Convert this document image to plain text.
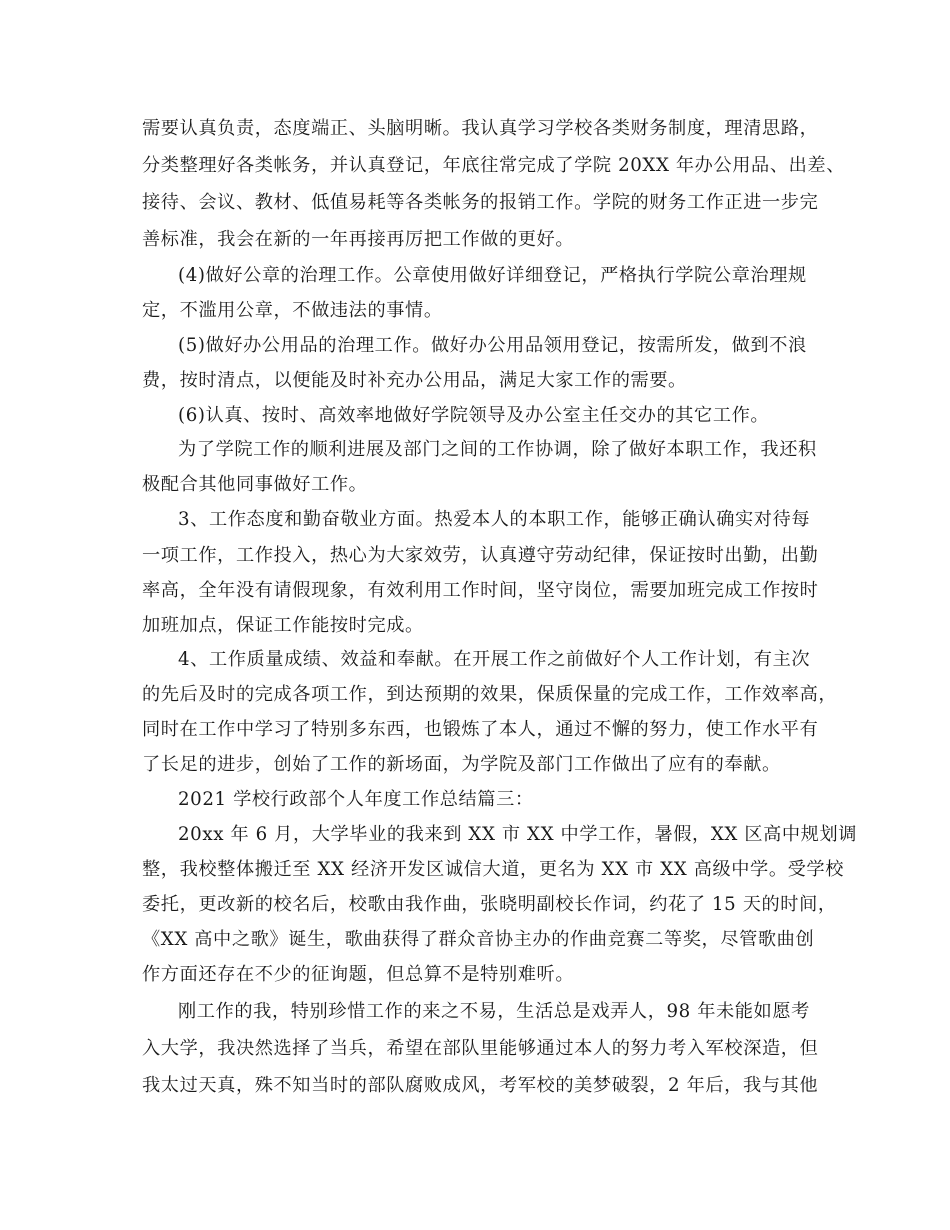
需要认真负责，态度端正、头脑明晰。我认真学习学校各类财务制度，理清思路，
分类整理好各类帐务，并认真登记，年底往常完成了学院 20XX 年办公用品、出差、
接待、会议、教材、低值易耗等各类帐务的报销工作。学院的财务工作正进一步完
善标准，我会在新的一年再接再厉把工作做的更好。
(4)做好公章的治理工作。公章使用做好详细登记，严格执行学院公章治理规
定，不滥用公章，不做违法的事情。
(5)做好办公用品的治理工作。做好办公用品领用登记，按需所发，做到不浪
费，按时清点，以便能及时补充办公用品，满足大家工作的需要。
(6)认真、按时、高效率地做好学院领导及办公室主任交办的其它工作。
为了学院工作的顺利进展及部门之间的工作协调，除了做好本职工作，我还积
极配合其他同事做好工作。
3、工作态度和勤奋敬业方面。热爱本人的本职工作，能够正确认确实对待每
一项工作，工作投入，热心为大家效劳，认真遵守劳动纪律，保证按时出勤，出勤
率高，全年没有请假现象，有效利用工作时间，坚守岗位，需要加班完成工作按时
加班加点，保证工作能按时完成。
4、工作质量成绩、效益和奉献。在开展工作之前做好个人工作计划，有主次
的先后及时的完成各项工作，到达预期的效果，保质保量的完成工作，工作效率高，
同时在工作中学习了特别多东西，也锻炼了本人，通过不懈的努力，使工作水平有
了长足的进步，创始了工作的新场面，为学院及部门工作做出了应有的奉献。
2021 学校行政部个人年度工作总结篇三：
20xx 年 6 月，大学毕业的我来到 XX 市 XX 中学工作，暑假，XX 区高中规划调
整，我校整体搬迁至 XX 经济开发区诚信大道，更名为 XX 市 XX 高级中学。受学校
委托，更改新的校名后，校歌由我作曲，张晓明副校长作词，约花了 15 天的时间，
《XX 高中之歌》诞生，歌曲获得了群众音协主办的作曲竞赛二等奖，尽管歌曲创
作方面还存在不少的征询题，但总算不是特别难听。
刚工作的我，特别珍惜工作的来之不易，生活总是戏弄人，98 年未能如愿考
入大学，我决然选择了当兵，希望在部队里能够通过本人的努力考入军校深造，但
我太过天真，殊不知当时的部队腐败成风，考军校的美梦破裂，2 年后，我与其他
